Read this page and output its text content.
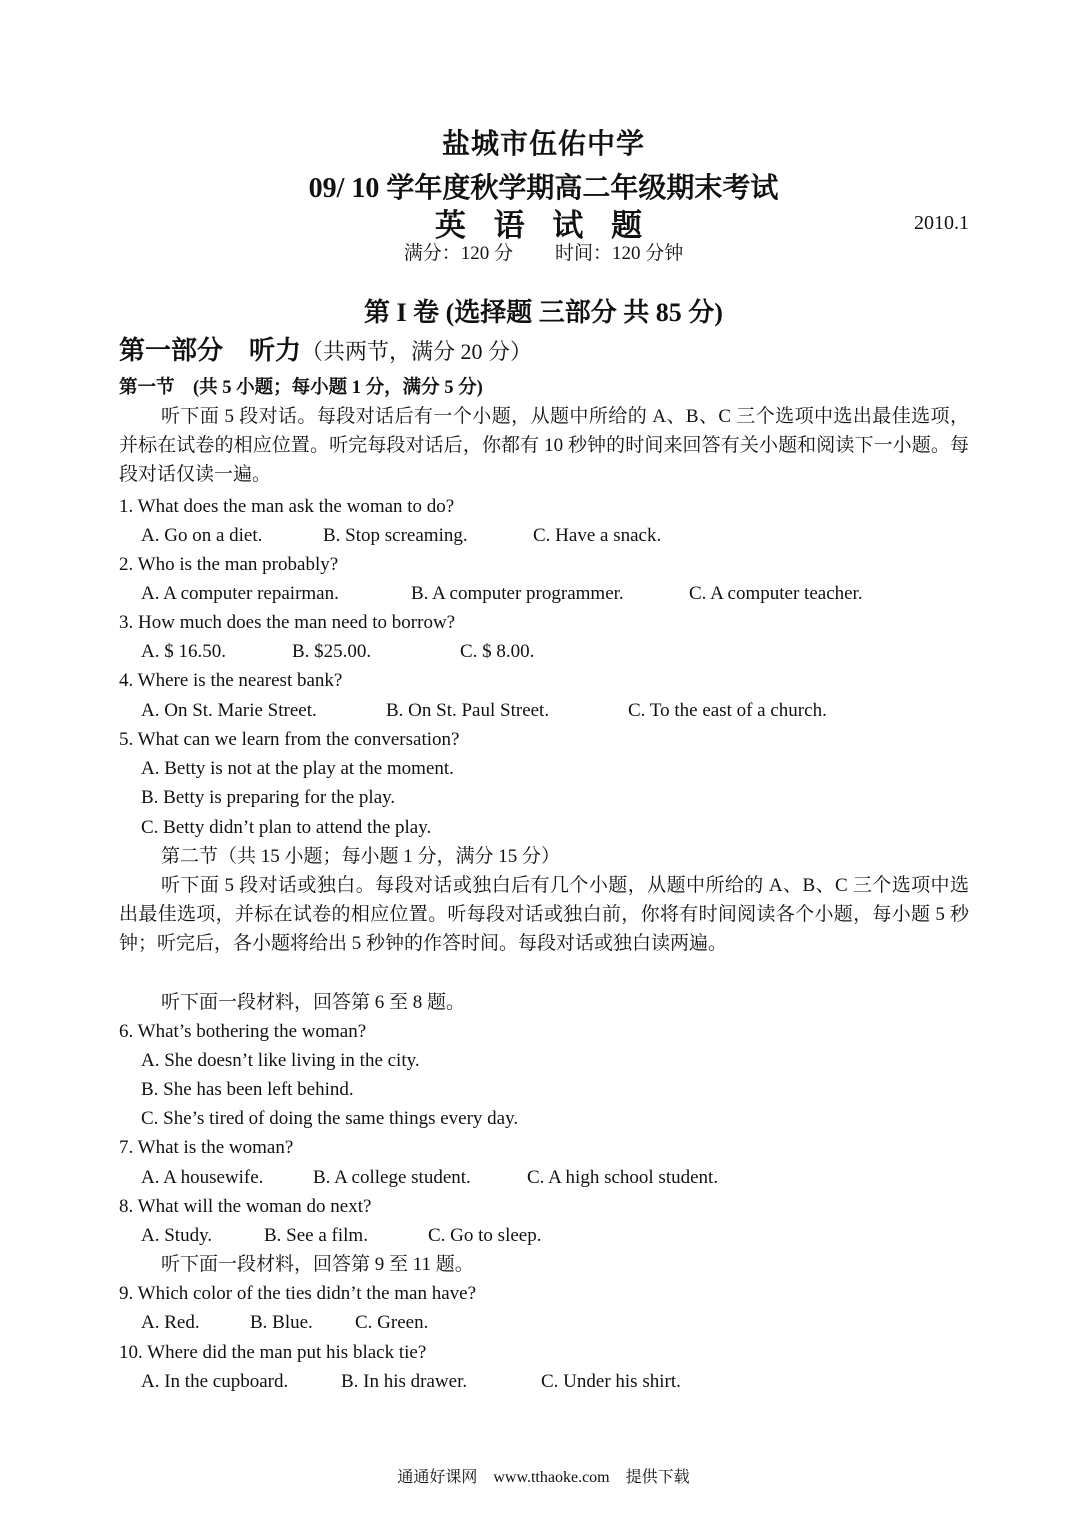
盐城市伍佑中学
09/ 10 学年度秋学期高二年级期末考试
英 语 试 题	2010.1
满分：120 分 时间：120 分钟
第 I 卷 (选择题 三部分 共 85 分)
第一部分　听力（共两节，满分 20 分）
第一节　(共 5 小题；每小题 1 分，满分 5 分)
听下面 5 段对话。每段对话后有一个小题，从题中所给的 A、B、C 三个选项中选出最佳选项，并标在试卷的相应位置。听完每段对话后，你都有 10 秒钟的时间来回答有关小题和阅读下一小题。每段对话仅读一遍。
1. What does the man ask the woman to do?
A. Go on a diet.	B. Stop screaming.	C. Have a snack.
2. Who is the man probably?
A. A computer repairman.	B. A computer programmer.	C. A computer teacher.
3. How much does the man need to borrow?
A. $ 16.50.	B. $25.00.	C. $ 8.00.
4. Where is the nearest bank?
A. On St. Marie Street.	B. On St. Paul Street.	C. To the east of a church.
5. What can we learn from the conversation?
A. Betty is not at the play at the moment.
B. Betty is preparing for the play.
C. Betty didn’t plan to attend the play.
第二节（共 15 小题；每小题 1 分，满分 15 分）
听下面 5 段对话或独白。每段对话或独白后有几个小题，从题中所给的 A、B、C 三个选项中选出最佳选项，并标在试卷的相应位置。听每段对话或独白前，你将有时间阅读各个小题，每小题 5 秒钟；听完后，各小题将给出 5 秒钟的作答时间。每段对话或独白读两遍。
听下面一段材料，回答第 6 至 8 题。
6. What’s bothering the woman?
A. She doesn’t like living in the city.
B. She has been left behind.
C. She’s tired of doing the same things every day.
7. What is the woman?
A. A housewife.	B. A college student.	C. A high school student.
8. What will the woman do next?
A. Study.	B. See a film.	C. Go to sleep.
听下面一段材料，回答第 9 至 11 题。
9. Which color of the ties didn’t the man have?
A. Red.	B. Blue. C. Green.
10. Where did the man put his black tie?
A. In the cupboard.	B. In his drawer.	C. Under his shirt.
通通好课网　www.tthaoke.com　提供下载
